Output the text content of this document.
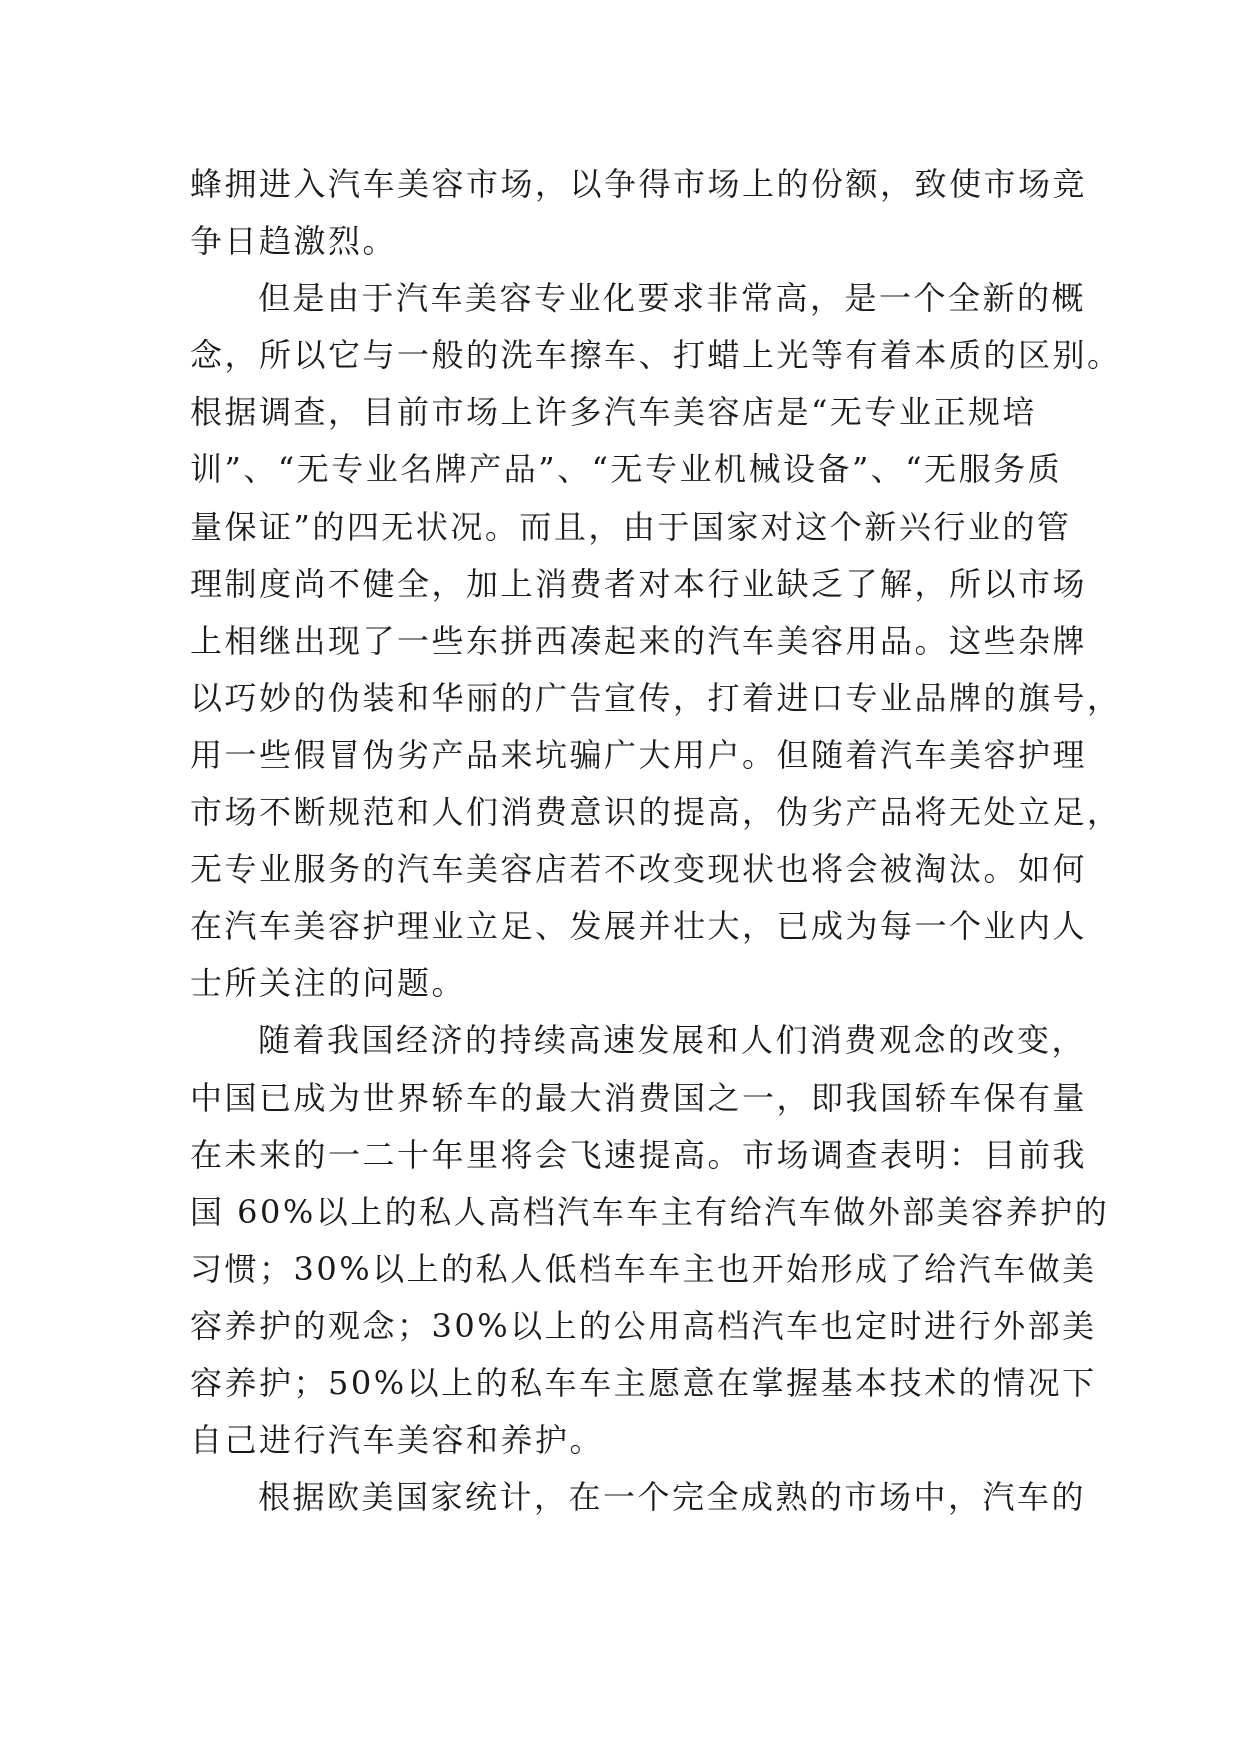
蜂拥进入汽车美容市场，以争得市场上的份额，致使市场竞
争日趋激烈。
但是由于汽车美容专业化要求非常高，是一个全新的概
念，所以它与一般的洗车擦车、打蜡上光等有着本质的区别。
根据调查，目前市场上许多汽车美容店是“无专业正规培
训”、“无专业名牌产品”、“无专业机械设备”、“无服务质
量保证”的四无状况。而且，由于国家对这个新兴行业的管
理制度尚不健全，加上消费者对本行业缺乏了解，所以市场
上相继出现了一些东拼西凑起来的汽车美容用品。这些杂牌
以巧妙的伪装和华丽的广告宣传，打着进口专业品牌的旗号，
用一些假冒伪劣产品来坑骗广大用户。但随着汽车美容护理
市场不断规范和人们消费意识的提高，伪劣产品将无处立足，
无专业服务的汽车美容店若不改变现状也将会被淘汰。如何
在汽车美容护理业立足、发展并壮大，已成为每一个业内人
士所关注的问题。
随着我国经济的持续高速发展和人们消费观念的改变，
中国已成为世界轿车的最大消费国之一，即我国轿车保有量
在未来的一二十年里将会飞速提高。市场调查表明：目前我
国 60%以上的私人高档汽车车主有给汽车做外部美容养护的
习惯；30%以上的私人低档车车主也开始形成了给汽车做美
容养护的观念；30%以上的公用高档汽车也定时进行外部美
容养护；50%以上的私车车主愿意在掌握基本技术的情况下
自己进行汽车美容和养护。
根据欧美国家统计，在一个完全成熟的市场中，汽车的
